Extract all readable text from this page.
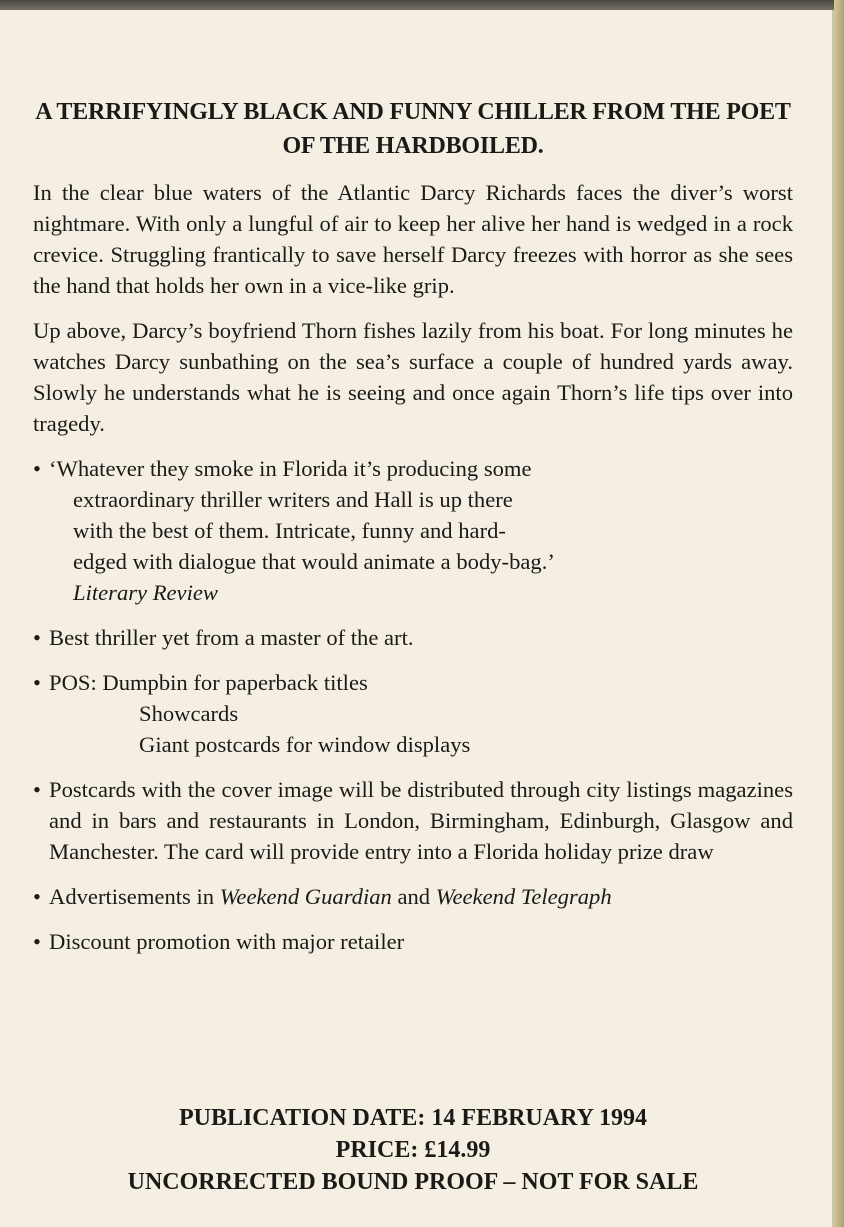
A TERRIFYINGLY BLACK AND FUNNY CHILLER FROM THE POET OF THE HARDBOILED.

In the clear blue waters of the Atlantic Darcy Richards faces the diver’s worst nightmare. With only a lungful of air to keep her alive her hand is wedged in a rock crevice. Struggling frantically to save herself Darcy freezes with horror as she sees the hand that holds her own in a vice-like grip.

Up above, Darcy’s boyfriend Thorn fishes lazily from his boat. For long minutes he watches Darcy sunbathing on the sea’s surface a couple of hundred yards away. Slowly he understands what he is seeing and once again Thorn’s life tips over into tragedy.

• ‘Whatever they smoke in Florida it’s producing some
extraordinary thriller writers and Hall is up there
with the best of them. Intricate, funny and hard-
edged with dialogue that would animate a body-bag.’
Literary Review
• Best thriller yet from a master of the art.
• POS: Dumpbin for paperback titles
Showcards
Giant postcards for window displays
• Postcards with the cover image will be distributed through city listings magazines and in bars and restaurants in London, Birmingham, Edinburgh, Glasgow and Manchester. The card will provide entry into a Florida holiday prize draw
• Advertisements in Weekend Guardian and Weekend Telegraph
• Discount promotion with major retailer
PUBLICATION DATE: 14 FEBRUARY 1994
PRICE: £14.99
UNCORRECTED BOUND PROOF – NOT FOR SALE
